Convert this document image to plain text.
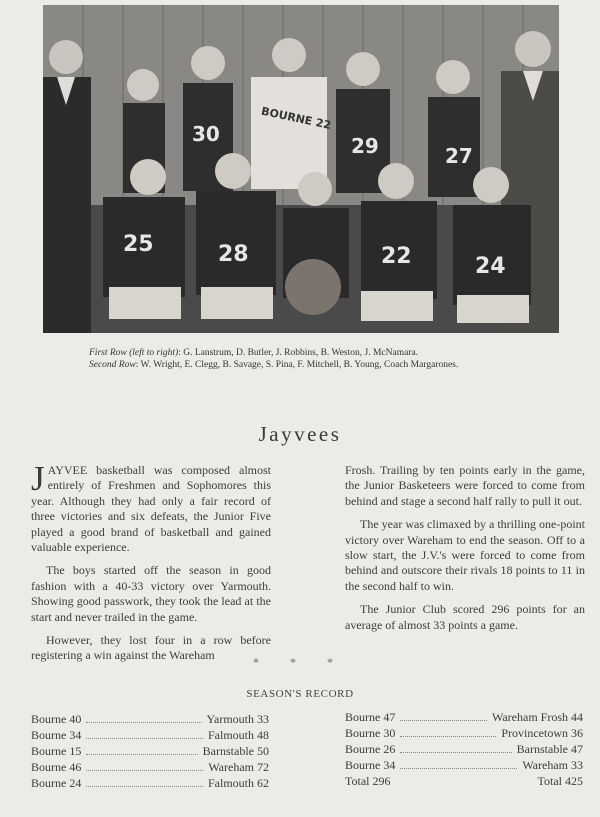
30
BOURNE 22
29	27
25	28	22	24
First Row (left to right): G. Lanstrum, D. Butler, J. Robbins, B. Weston, J. McNamara.
Second Row: W. Wright, E. Clegg, B. Savage, S. Pina, F. Mitchell, B. Young, Coach Margarones.
Jayvees

JAYVEE basketball was composed almost entirely of Freshmen and Sophomores this year. Although they had only a fair record of three victories and six defeats, the Junior Five played a good brand of basketball and gained valuable experience.

The boys started off the season in good fashion with a 40-33 victory over Yarmouth. Showing good passwork, they took the lead at the start and never trailed in the game.

However, they lost four in a row before registering a win against the Wareham

Frosh. Trailing by ten points early in the game, the Junior Basketeers were forced to come from behind and stage a second half rally to pull it out.

The year was climaxed by a thrilling one-point victory over Wareham to end the season. Off to a slow start, the J.V.'s were forced to come from behind and outscore their rivals 18 points to 11 in the second half to win.

The Junior Club scored 296 points for an average of almost 33 points a game.

* * *
SEASON'S RECORD
Bourne 40	Yarmouth 33
Bourne 34	Falmouth 48
Bourne 15	Barnstable 50
Bourne 46	Wareham 72
Bourne 24	Falmouth 62
Bourne 47	Wareham Frosh 44
Bourne 30	Provincetown 36
Bourne 26	Barnstable 47
Bourne 34	Wareham 33
Total 296	Total 425
